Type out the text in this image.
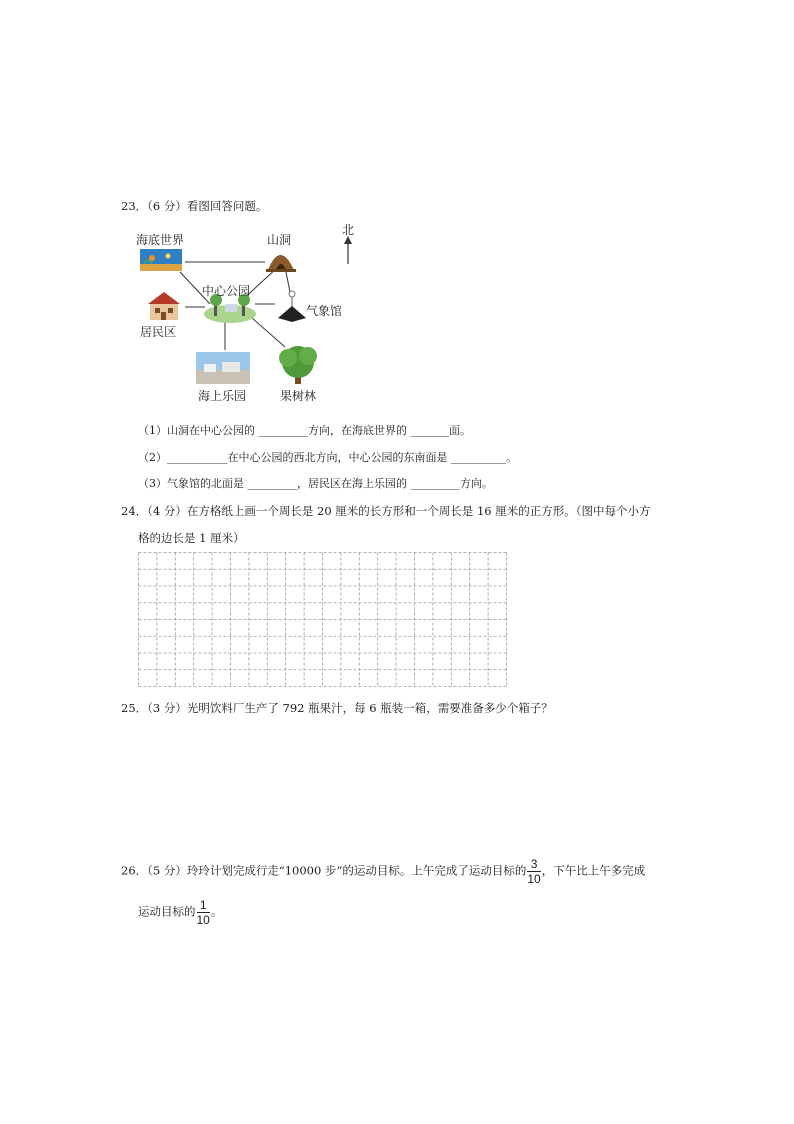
23．（6 分）看图回答问题。
北
海底世界	山洞
居民区
中心公园
气象馆
海上乐园	果树林
（1）山洞在中心公园的 _________方向，在海底世界的 _______面。
（2）___________在中心公园的西北方向，中心公园的东南面是 __________。
（3）气象馆的北面是 _________，居民区在海上乐园的 _________方向。
24．（4 分）在方格纸上画一个周长是 20 厘米的长方形和一个周长是 16 厘米的正方形。（图中每个小方
格的边长是 1 厘米）
25．（3 分）光明饮料厂生产了 792 瓶果汁，每 6 瓶装一箱，需要准备多少个箱子？
26．（5 分）玲玲计划完成行走“10000 步”的运动目标。上午完成了运动目标的 $\frac{3}{10}$ ，下午比上午多完成
运动目标的 $\frac{1}{10}$ 。
